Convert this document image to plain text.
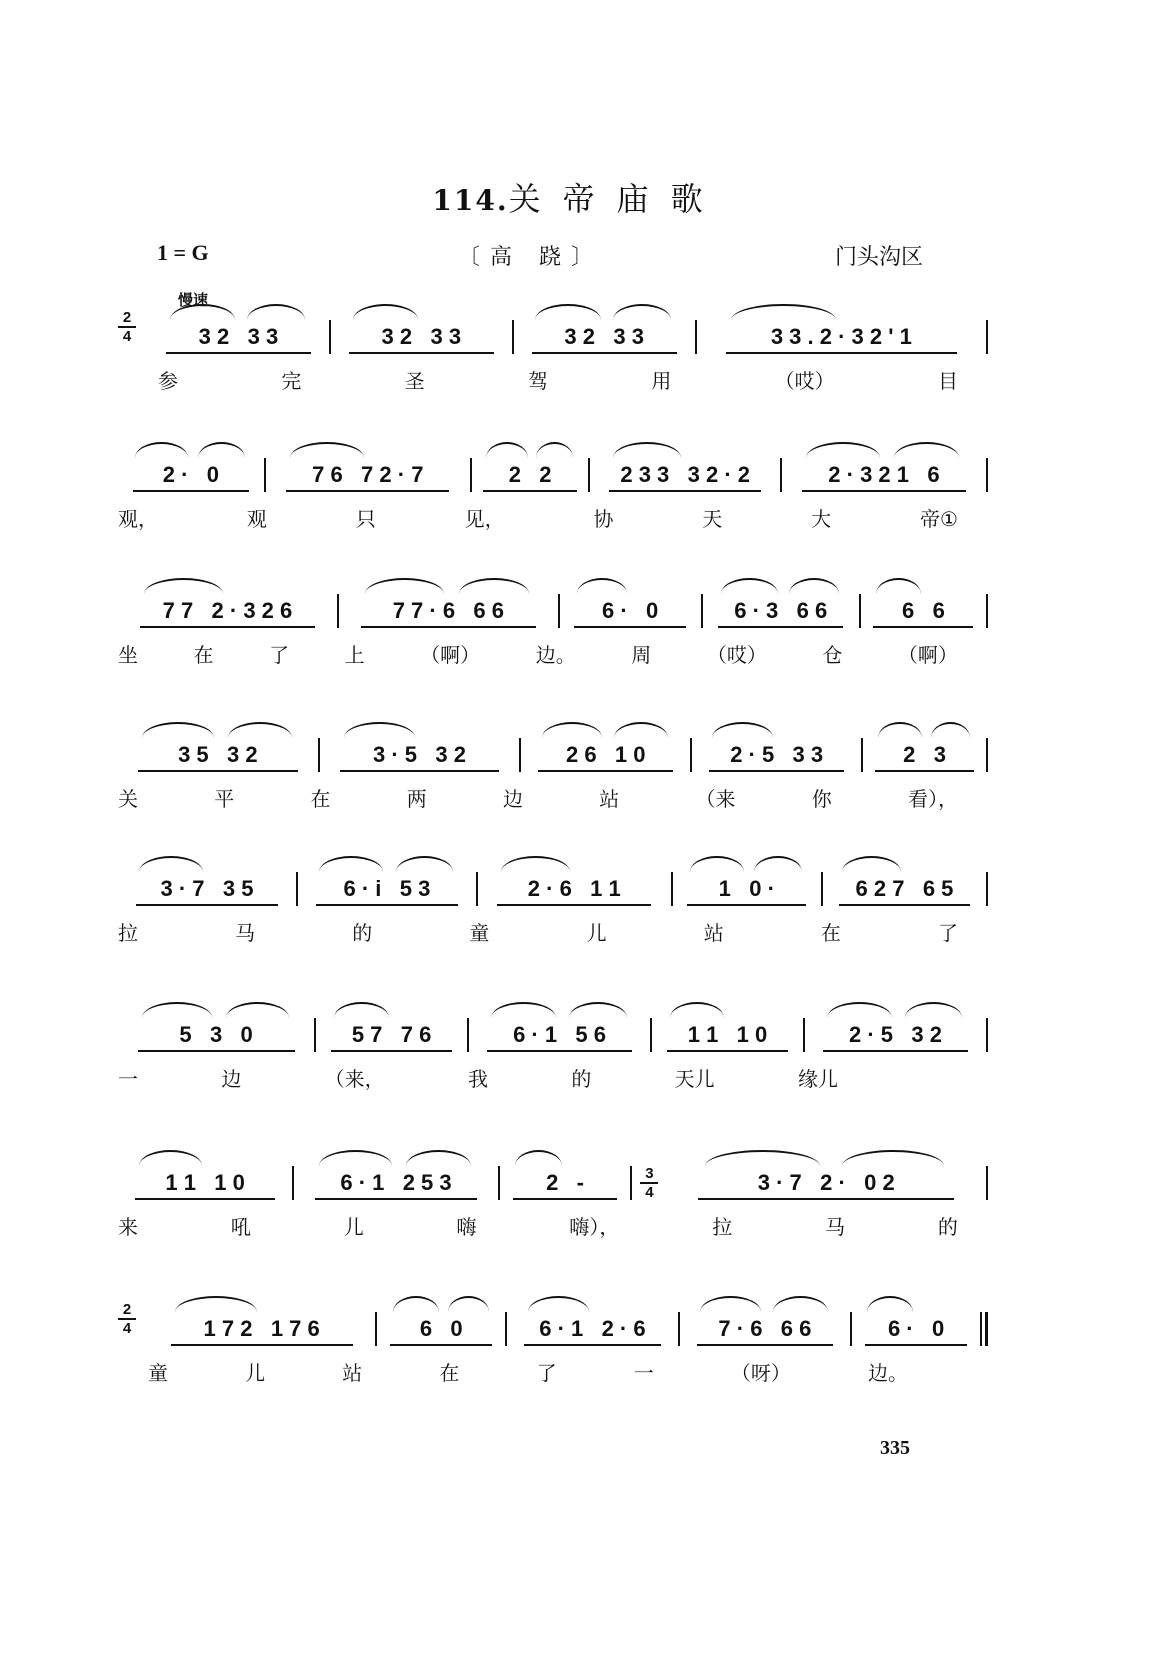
114.关帝庙歌
1 = G	〔高 跷〕	门头沟区
慢速
2
4	3 2   3 3	3 2   3 3	3 2   3 3	3 3 . 2 · 3 2 ' 1
参	完	圣	驾	用	（哎）	目
2 ·   0	7 6   7 2 · 7	2   2	2 3 3   3 2 · 2	2 · 3 2 1   6
观，	观	只	见，	协	天	大	帝①
7 7   2 · 3 2 6	7 7 · 6   6 6	6 ·   0	6 · 3   6 6	6   6
坐	在	了	上	（啊）	边。	周	（哎）	仓	（啊）
3 5   3 2	3 · 5   3 2	2 6   1 0	2 · 5   3 3	2   3
关	平	在	两	边	站	（来	你	看），
3 · 7   3 5	6 · i   5 3	2 · 6   1 1	1   0 ·	6 2 7   6 5
拉	马	的	童	儿	站	在	了
5   3   0	5 7   7 6	6 · 1   5 6	1 1   1 0	2 · 5   3 2
一	边	（来，	我	的	天儿	缘儿
1 1   1 0	6 · 1   2 5 3	2   -	3
4	3 · 7   2 ·   0 2
来	吼	儿	嗨	嗨），	拉	马	的
2
4	1 7 2   1 7 6	6   0	6 · 1   2 · 6	7 · 6   6 6	6 ·   0
童	儿	站	在	了	一	（呀）	边。
335
